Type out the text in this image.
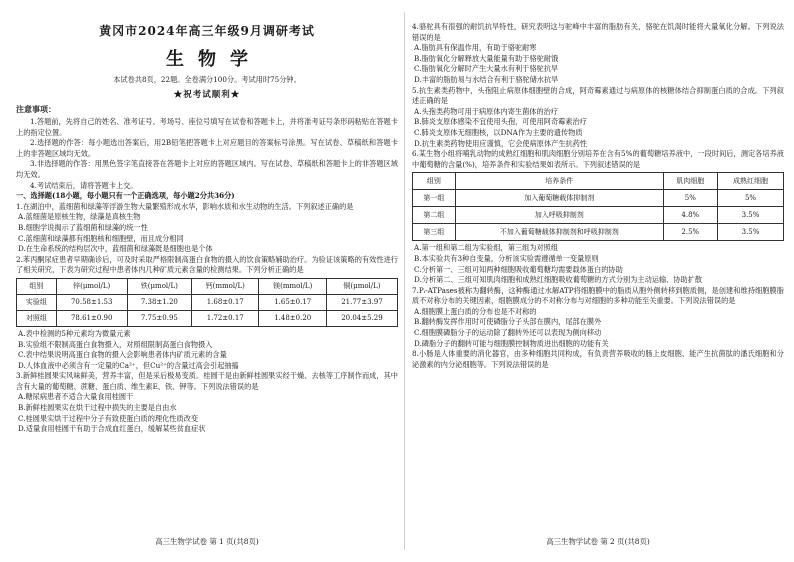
黄冈市2024年高三年级9月调研考试

生物学

本试卷共8页，22题。全卷满分100分。考试用时75分钟。

★祝考试顺利★

注意事项：

1.答题前，先将自己的姓名、准考证号、考场号、座位号填写在试卷和答题卡上，并将准考证号条形码粘贴在答题卡上的指定位置。

2.选择题的作答：每小题选出答案后，用2B铅笔把答题卡上对应题目的答案标号涂黑。写在试卷、草稿纸和答题卡上的非答题区域均无效。

3.非选择题的作答：用黑色签字笔直接答在答题卡上对应的答题区域内。写在试卷、草稿纸和答题卡上的非答题区域均无效。

4.考试结束后，请将答题卡上交。

一、选择题(18小题，每小题只有一个正确选项，每小题2分共36分)

1.在湖泊中，蓝细菌和绿藻等浮游生物大量繁殖形成水华，影响水质和水生动物的生活。下列叙述正确的是

A.蓝细菌是原核生物，绿藻是真核生物

B.细胞学说揭示了蓝细菌和绿藻的统一性

C.蓝细菌和绿藻都有细胞核和细胞壁，而且成分相同

D.在生命系统的结构层次中，蓝细菌和绿藻既是细胞也是个体

2.苯丙酮尿症患者早期确诊后，可及时采取严格限制高蛋白食物的摄入的饮食策略辅助治疗。为验证该策略的有效性进行了相关研究，下表为研究过程中患者体内几种矿质元素含量的检测结果。下列分析正确的是

组别	锌(μmol/L)	铁(μmol/L)	钙(mmol/L)	镁(mmol/L)	铜(μmol/L)
实验组	70.58±1.53	7.38±1.20	1.68±0.17	1.65±0.17	21.77±3.97
对照组	78.61±0.90	7.75±0.95	1.72±0.17	1.48±0.20	20.04±5.29

A.表中检测的5种元素均为微量元素

B.实验组不限制高蛋白食物摄入，对照组限制高蛋白食物摄入

C.表中结果说明高蛋白食物的摄入会影响患者体内矿质元素的含量

D.人体血液中必须含有一定量的Ca²⁺，但Cu²⁺的含量过高会引起抽搐

3.新鲜桂圆果实风味鲜美，营养丰富，但是采后极易变质。桂圆干是由新鲜桂圆果实经干燥、去核等工序制作而成，其中含有大量的葡萄糖、蔗糖、蛋白质、维生素E、铁、钾等。下列说法错误的是

A.糖尿病患者不适合大量食用桂圆干

B.新鲜桂圆果实在烘干过程中损失的主要是自由水

C.桂圆果实烘干过程中分子有致使蛋白质的理化性质改变

D.适量食用桂圆干有助于合成血红蛋白，缓解某些贫血症状

4.骆驼具有很强的耐饥抗旱特性，研究表明这与驼峰中丰富的脂肪有关，骆驼在饥渴时能将大量氧化分解。下列说法错误的是

A.脂肪具有保温作用，有助于骆驼耐寒

B.脂肪氧化分解释放大量能量有助于骆驼耐饿

C.脂肪氧化分解时产生大量水有利于骆驼抗旱

D.丰富的脂肪易与水结合有利于骆驼储水抗旱

5.抗生素类药物中，头孢阻止病原体细胞壁的合成，阿奇霉素通过与病原体的核糖体结合抑制蛋白质的合成。下列叙述正确的是

A.头孢类药物可用于病原体内寄生菌体的治疗

B.肺炎支原体感染不宜使用头孢，可使用阿奇霉素治疗

C.肺炎支原体无细胞核，以DNA作为主要的遗传物质

D.抗生素类药物使用应谨慎，它会使病原体产生抗药性

6.某生物小组将哺乳动物的成熟红细胞和肌肉细胞分别培养在含有5%的葡萄糖培养液中，一段时间后，测定各培养液中葡萄糖的含量(%)，培养条件和实验结果如表所示。下列叙述错误的是

组别	培养条件	肌肉细胞	成熟红细胞
第一组	加入葡萄糖载体抑制剂	5%	5%
第二组	加入呼吸抑制剂	4.8%	3.5%
第三组	不加入葡萄糖载体抑制剂和呼吸抑制剂	2.5%	3.5%

A.第一组和第二组为实验组，第三组为对照组

B.本实验共有3种自变量，分析该实验需遵循单一变量原则

C.分析第一、三组可知两种细胞吸收葡萄糖均需要载体蛋白的协助

D.分析第二、三组可知肌肉细胞和成熟红细胞吸收葡萄糖的方式分别为主动运输、协助扩散

7.Pᵢ-ATPases被称为翻转酶，这种酶通过水解ATP将细胞膜中的脂质从胞外侧转移到胞质侧，是创建和维持细胞膜脂质不对称分布的关键因素，细胞膜成分的不对称分布与对细胞的多种功能至关重要。下列说法错误的是

A.细胞膜上蛋白质的分布也是不对称的

B.翻转酶发挥作用时可使磷脂分子头部在膜内，尾部在膜外

C.细胞膜磷脂分子的运动除了翻转外还可以表现为侧向移动

D.磷脂分子的翻转可能与细胞膜控制物质进出细胞的功能有关

8.小肠是人体重要的消化器官，由多种细胞共同构成，有负责营养吸收的肠上皮细胞、能产生抗菌肽的潘氏细胞和分泌激素的内分泌细胞等。下列说法错误的是

高三生物学试卷 第 1 页(共8页)	高三生物学试卷 第 2 页(共8页)
